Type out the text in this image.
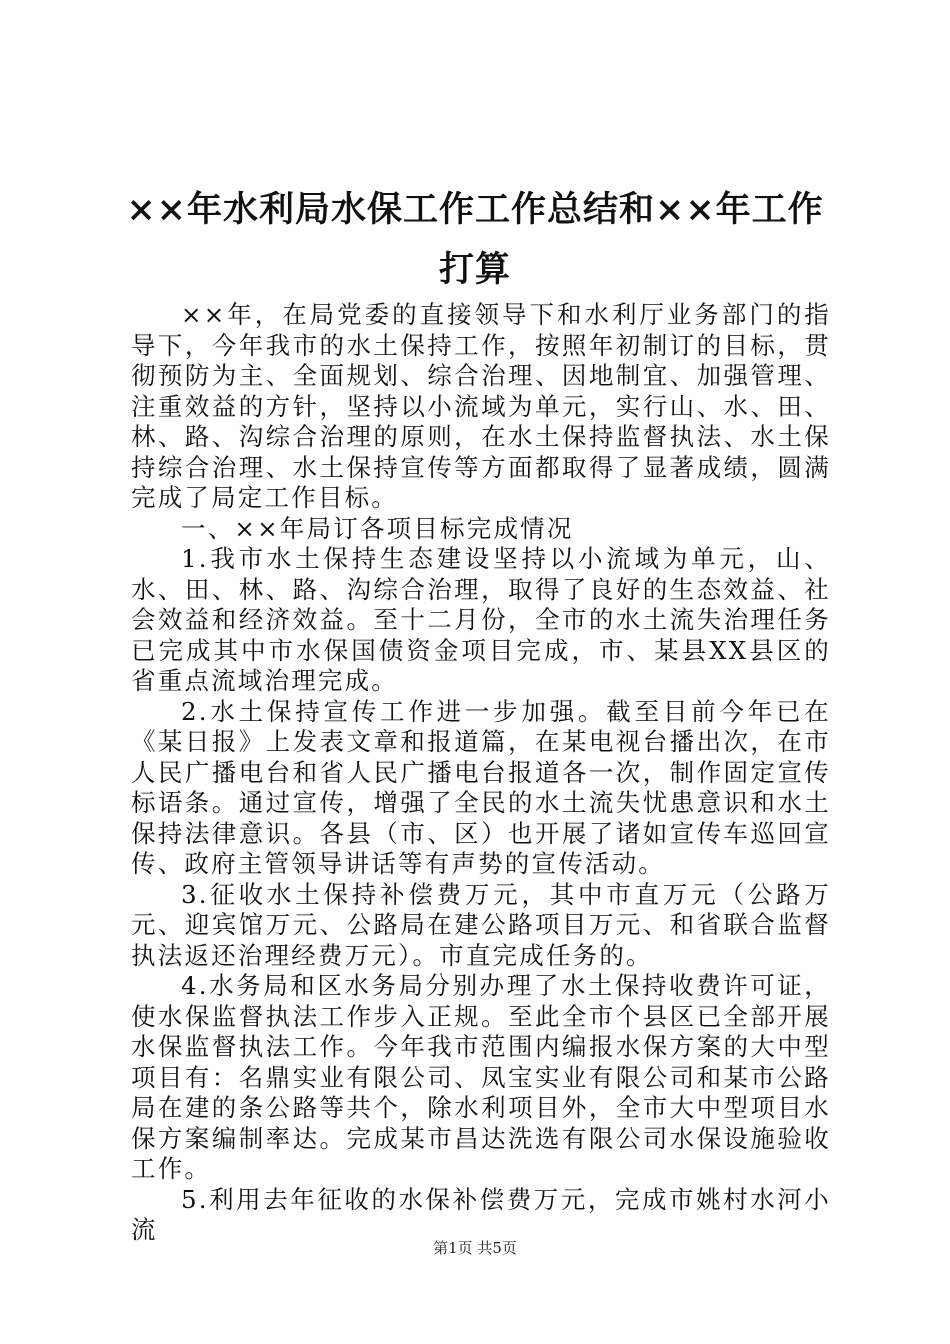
××年水利局水保工作工作总结和××年工作
打算

××年，在局党委的直接领导下和水利厅业务部门的指导下，今年我市的水土保持工作，按照年初制订的目标，贯彻预防为主、全面规划、综合治理、因地制宜、加强管理、注重效益的方针，坚持以小流域为单元，实行山、水、田、林、路、沟综合治理的原则，在水土保持监督执法、水土保持综合治理、水土保持宣传等方面都取得了显著成绩，圆满完成了局定工作目标。

一、××年局订各项目标完成情况

1.我市水土保持生态建设坚持以小流域为单元，山、水、田、林、路、沟综合治理，取得了良好的生态效益、社会效益和经济效益。至十二月份，全市的水土流失治理任务已完成其中市水保国债资金项目完成，市、某县XX县区的省重点流域治理完成。

2.水土保持宣传工作进一步加强。截至目前今年已在《某日报》上发表文章和报道篇，在某电视台播出次，在市人民广播电台和省人民广播电台报道各一次，制作固定宣传标语条。通过宣传，增强了全民的水土流失忧患意识和水土保持法律意识。各县（市、区）也开展了诸如宣传车巡回宣传、政府主管领导讲话等有声势的宣传活动。

3.征收水土保持补偿费万元，其中市直万元（公路万元、迎宾馆万元、公路局在建公路项目万元、和省联合监督执法返还治理经费万元）。市直完成任务的。

4.水务局和区水务局分别办理了水土保持收费许可证，使水保监督执法工作步入正规。至此全市个县区已全部开展水保监督执法工作。今年我市范围内编报水保方案的大中型项目有：名鼎实业有限公司、凤宝实业有限公司和某市公路局在建的条公路等共个，除水利项目外，全市大中型项目水保方案编制率达。完成某市昌达洗选有限公司水保设施验收工作。

5.利用去年征收的水保补偿费万元，完成市姚村水河小流

第1页 共5页
